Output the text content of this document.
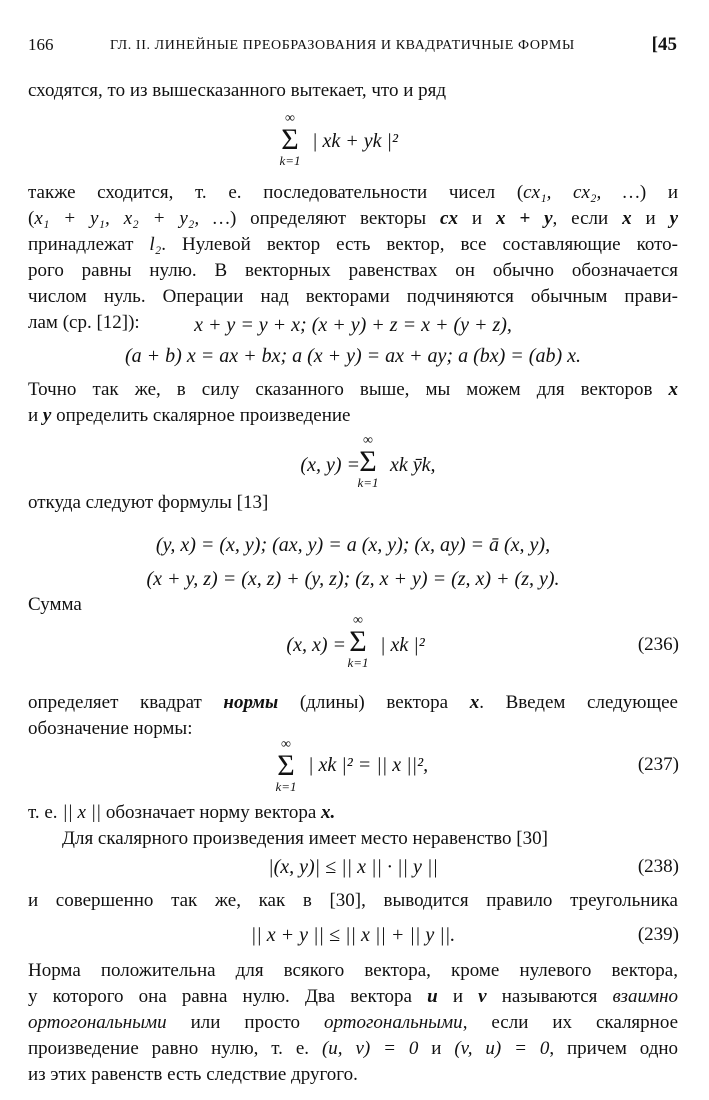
166	ГЛ. II. ЛИНЕЙНЫЕ ПРЕОБРАЗОВАНИЯ И КВАДРАТИЧНЫЕ ФОРМЫ	[45
сходятся, то из вышесказанного вытекает, что и ряд
∞
Σ
k=1
| xk + yk |²
также сходится, т. е. последовательности чисел (cx₁, cx₂, …) и
(x₁ + y₁, x₂ + y₂, …) определяют векторы cx и x + y, если x и y
принадлежат l₂. Нулевой вектор есть вектор, все составляющие кото-
рого равны нулю. В векторных равенствах он обычно обозначается
числом нуль. Операции над векторами подчиняются обычным прави-
лам (ср. [12]):	x + y = y + x; (x + y) + z = x + (y + z),
(a + b) x = ax + bx; a (x + y) = ax + ay; a (bx) = (ab) x.
Точно так же, в силу сказанного выше, мы можем для векторов x
и y определить скалярное произведение
(x, y) =
∞
Σ
k=1
xk ȳk,
откуда следуют формулы [13]
(y, x) = (x, y); (ax, y) = a (x, y); (x, ay) = ā (x, y),
(x + y, z) = (x, z) + (y, z); (z, x + y) = (z, x) + (z, y).
Сумма
(x, x) =
∞
Σ
k=1
| xk |²	(236)
определяет квадрат нормы (длины) вектора x. Введем следующее
обозначение нормы:
∞
Σ
k=1
| xk |² = || x ||²,	(237)
т. е. || x || обозначает норму вектора x.
Для скалярного произведения имеет место неравенство [30]
|(x, y)| ≤ || x || · || y ||	(238)
и совершенно так же, как в [30], выводится правило треугольника
|| x + y || ≤ || x || + || y ||.	(239)
Норма положительна для всякого вектора, кроме нулевого вектора,
у которого она равна нулю. Два вектора u и v называются взаимно
ортогональными или просто ортогональными, если их скалярное
произведение равно нулю, т. е. (u, v) = 0 и (v, u) = 0, причем одно
из этих равенств есть следствие другого.
